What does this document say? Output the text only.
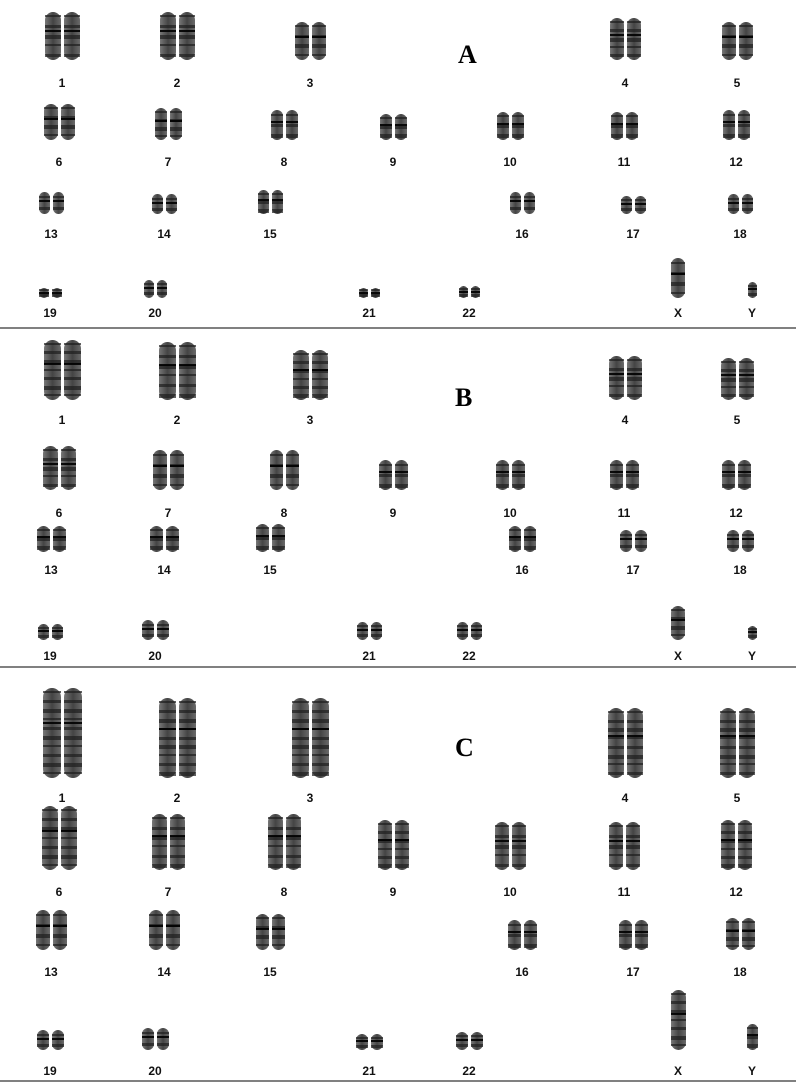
A
1	2	3	4	5
6	7	8	9	10	11	12
13	14	15	16	17	18
19	20	21	22	X	Y
B
1	2	3	4	5
6	7	8	9	10	11	12
13	14	15	16	17	18
19	20	21	22	X	Y
C
1	2	3	4	5
6	7	8	9	10	11	12
13	14	15	16	17	18
19	20	21	22	X	Y
